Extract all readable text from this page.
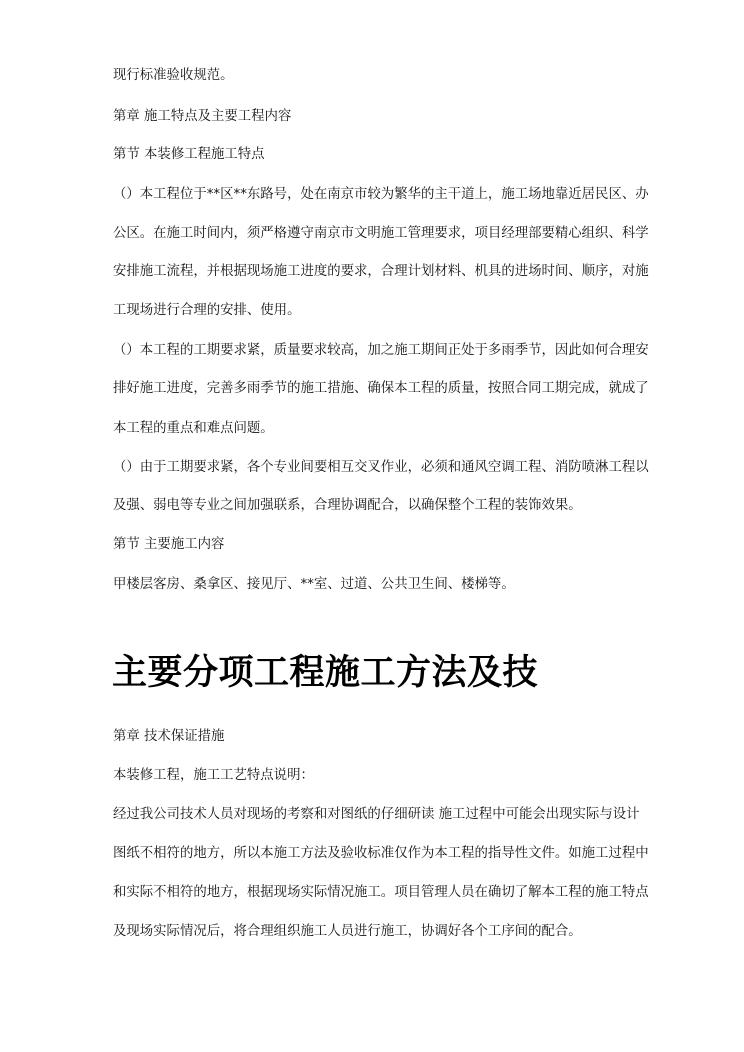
现行标准验收规范。
第章 施工特点及主要工程内容
第节 本装修工程施工特点
（）本工程位于**区**东路号，处在南京市较为繁华的主干道上，施工场地靠近居民区、办
公区。在施工时间内，须严格遵守南京市文明施工管理要求，项目经理部要精心组织、科学
安排施工流程，并根据现场施工进度的要求，合理计划材料、机具的进场时间、顺序，对施
工现场进行合理的安排、使用。
（）本工程的工期要求紧，质量要求较高，加之施工期间正处于多雨季节，因此如何合理安
排好施工进度，完善多雨季节的施工措施、确保本工程的质量，按照合同工期完成，就成了
本工程的重点和难点问题。
（）由于工期要求紧，各个专业间要相互交叉作业，必须和通风空调工程、消防喷淋工程以
及强、弱电等专业之间加强联系，合理协调配合，以确保整个工程的装饰效果。
第节 主要施工内容
甲楼层客房、桑拿区、接见厅、**室、过道、公共卫生间、楼梯等。
主要分项工程施工方法及技
第章 技术保证措施
本装修工程，施工工艺特点说明：
经过我公司技术人员对现场的考察和对图纸的仔细研读 施工过程中可能会出现实际与设计
图纸不相符的地方，所以本施工方法及验收标准仅作为本工程的指导性文件。如施工过程中
和实际不相符的地方，根据现场实际情况施工。项目管理人员在确切了解本工程的施工特点
及现场实际情况后，将合理组织施工人员进行施工，协调好各个工序间的配合。
